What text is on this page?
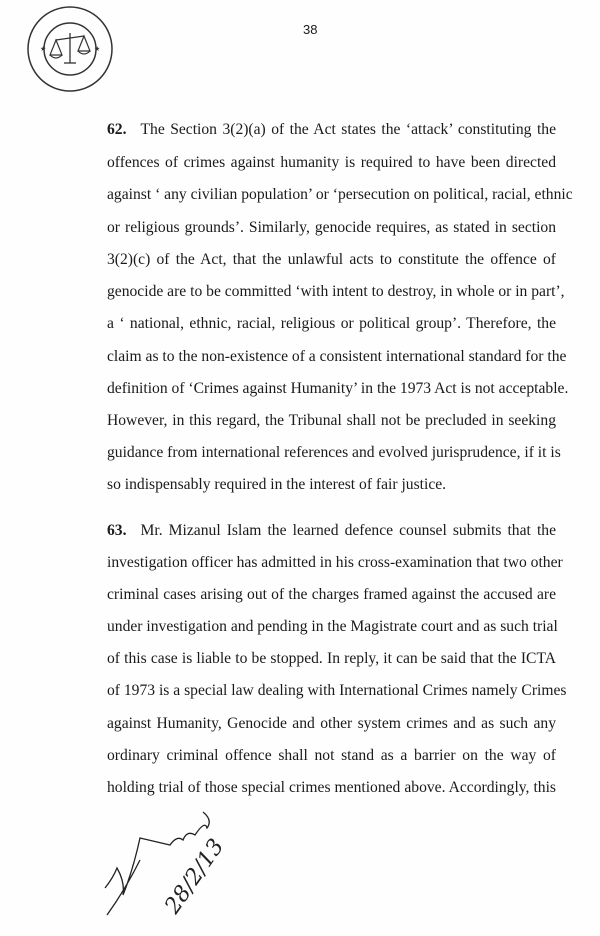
★	★
38
62. The Section 3(2)(a) of the Act states the ‘attack’ constituting the
offences of crimes against humanity is required to have been directed
against ‘ any civilian population’ or ‘persecution on political, racial, ethnic
or religious grounds’. Similarly, genocide requires, as stated in section
3(2)(c) of the Act, that the unlawful acts to constitute the offence of
genocide are to be committed ‘with intent to destroy, in whole or in part’,
a ‘ national, ethnic, racial, religious or political group’. Therefore, the
claim as to the non-existence of a consistent international standard for the
definition of ‘Crimes against Humanity’ in the 1973 Act is not acceptable.
However, in this regard, the Tribunal shall not be precluded in seeking
guidance from international references and evolved jurisprudence, if it is
so indispensably required in the interest of fair justice.
63. Mr. Mizanul Islam the learned defence counsel submits that the
investigation officer has admitted in his cross-examination that two other
criminal cases arising out of the charges framed against the accused are
under investigation and pending in the Magistrate court and as such trial
of this case is liable to be stopped. In reply, it can be said that the ICTA
of 1973 is a special law dealing with International Crimes namely Crimes
against Humanity, Genocide and other system crimes and as such any
ordinary criminal offence shall not stand as a barrier on the way of
holding trial of those special crimes mentioned above. Accordingly, this
28/2/13
